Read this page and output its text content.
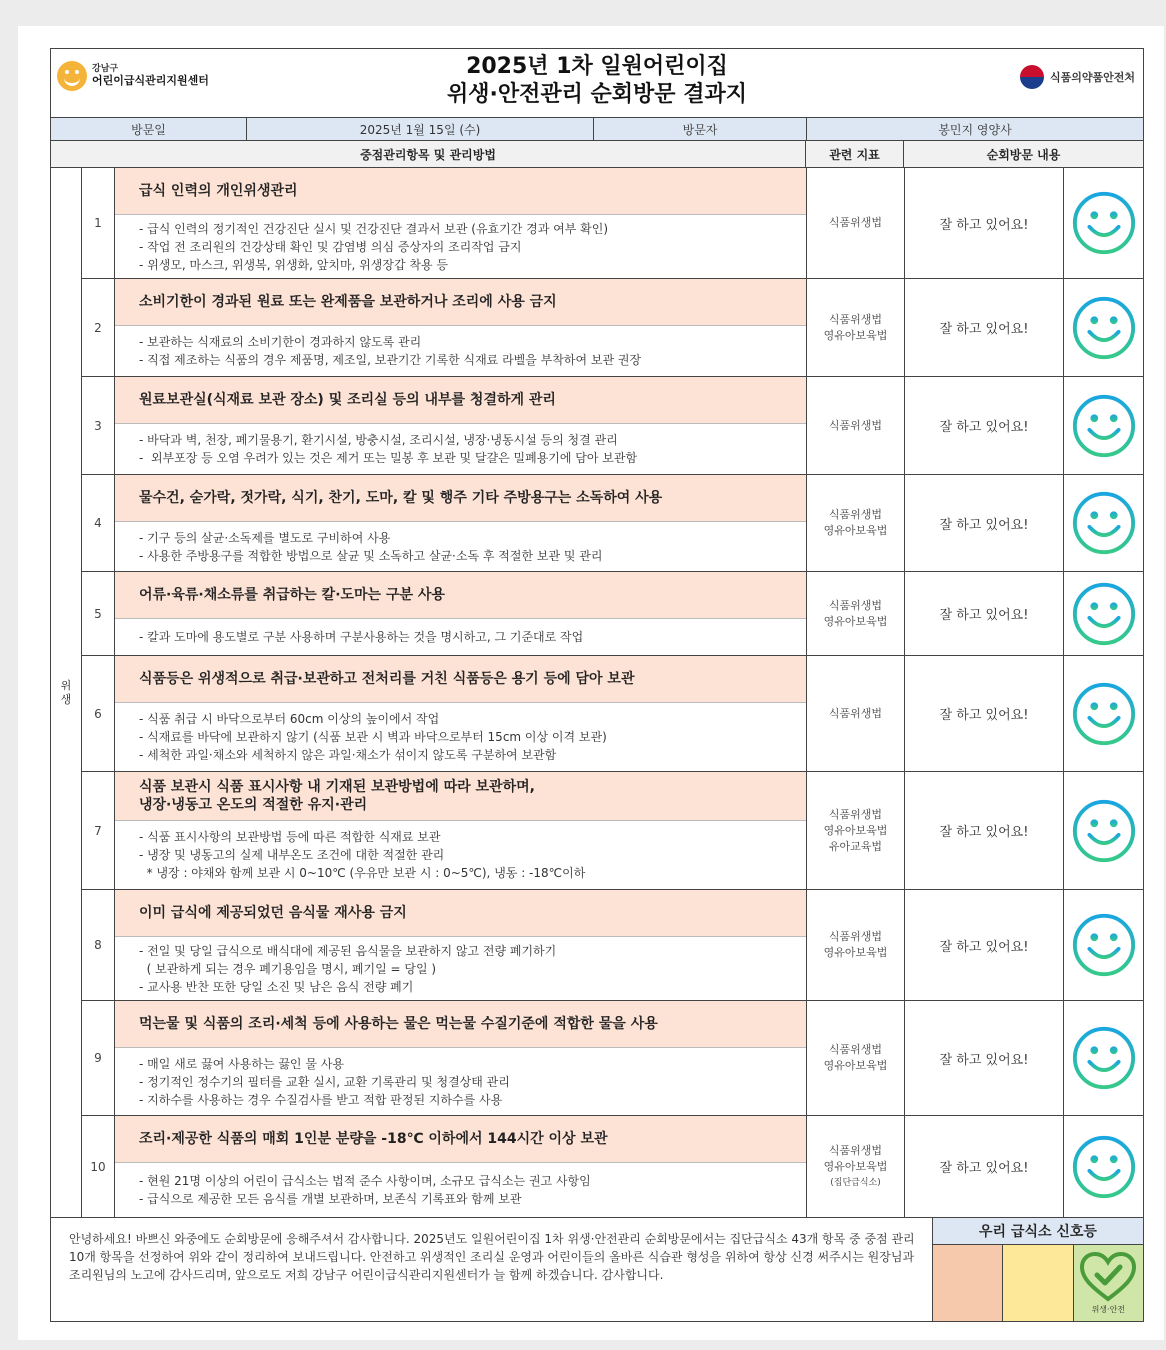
강남구
어린이급식관리지원센터
2025년 1차 일원어린이집
위생·안전관리 순회방문 결과지
식품의약품안전처
방문일	2025년 1월 15일 (수)	방문자	봉민지 영양사
중점관리항목 및 관리방법	관련 지표	순회방문 내용
위
생
1
급식 인력의 개인위생관리
- 급식 인력의 정기적인 건강진단 실시 및 건강진단 결과서 보관 (유효기간 경과 여부 확인)
- 작업 전 조리원의 건강상태 확인 및 감염병 의심 증상자의 조리작업 금지
- 위생모, 마스크, 위생복, 위생화, 앞치마, 위생장갑 착용 등
식품위생법	잘 하고 있어요!
2
소비기한이 경과된 원료 또는 완제품을 보관하거나 조리에 사용 금지
- 보관하는 식재료의 소비기한이 경과하지 않도록 관리
- 직접 제조하는 식품의 경우 제품명, 제조일, 보관기간 기록한 식재료 라벨을 부착하여 보관 권장
식품위생법
영유아보육법	잘 하고 있어요!
3
원료보관실(식재료 보관 장소) 및 조리실 등의 내부를 청결하게 관리
- 바닥과 벽, 천장, 폐기물용기, 환기시설, 방충시설, 조리시설, 냉장·냉동시설 등의 청결 관리
-  외부포장 등 오염 우려가 있는 것은 제거 또는 밀봉 후 보관 및 달걀은 밀폐용기에 담아 보관함
식품위생법	잘 하고 있어요!
4
물수건, 숟가락, 젓가락, 식기, 찬기, 도마, 칼 및 행주 기타 주방용구는 소독하여 사용
- 기구 등의 살균·소독제를 별도로 구비하여 사용
- 사용한 주방용구를 적합한 방법으로 살균 및 소독하고 살균·소독 후 적절한 보관 및 관리
식품위생법
영유아보육법	잘 하고 있어요!
5
어류·육류·채소류를 취급하는 칼·도마는 구분 사용
- 칼과 도마에 용도별로 구분 사용하며 구분사용하는 것을 명시하고, 그 기준대로 작업
식품위생법
영유아보육법	잘 하고 있어요!
6
식품등은 위생적으로 취급·보관하고 전처리를 거친 식품등은 용기 등에 담아 보관
- 식품 취급 시 바닥으로부터 60cm 이상의 높이에서 작업
- 식재료를 바닥에 보관하지 않기 (식품 보관 시 벽과 바닥으로부터 15cm 이상 이격 보관)
- 세척한 과일·채소와 세척하지 않은 과일·채소가 섞이지 않도록 구분하여 보관함
식품위생법	잘 하고 있어요!
7
식품 보관시 식품 표시사항 내 기재된 보관방법에 따라 보관하며,
냉장·냉동고 온도의 적절한 유지·관리
- 식품 표시사항의 보관방법 등에 따른 적합한 식재료 보관
- 냉장 및 냉동고의 실제 내부온도 조건에 대한 적절한 관리
* 냉장 : 야채와 함께 보관 시 0~10℃ (우유만 보관 시 : 0~5℃), 냉동 : -18℃이하
식품위생법
영유아보육법
유아교육법
잘 하고 있어요!
8
이미 급식에 제공되었던 음식물 재사용 금지
- 전일 및 당일 급식으로 배식대에 제공된 음식물을 보관하지 않고 전량 폐기하기
( 보관하게 되는 경우 폐기용임을 명시, 폐기일 = 당일 )
- 교사용 반찬 또한 당일 소진 및 남은 음식 전량 폐기
식품위생법
영유아보육법	잘 하고 있어요!
9
먹는물 및 식품의 조리·세척 등에 사용하는 물은 먹는물 수질기준에 적합한 물을 사용
- 매일 새로 끓여 사용하는 끓인 물 사용
- 정기적인 정수기의 필터를 교환 실시, 교환 기록관리 및 청결상태 관리
- 지하수를 사용하는 경우 수질검사를 받고 적합 판정된 지하수를 사용
식품위생법
영유아보육법	잘 하고 있어요!
10
조리·제공한 식품의 매회 1인분 분량을 -18℃ 이하에서 144시간 이상 보관
- 현원 21명 이상의 어린이 급식소는 법적 준수 사항이며, 소규모 급식소는 권고 사항임
- 급식으로 제공한 모든 음식를 개별 보관하며, 보존식 기록표와 함께 보관
식품위생법
영유아보육법
(집단급식소)
잘 하고 있어요!
안녕하세요! 바쁘신 와중에도 순회방문에 응해주셔서 감사합니다. 2025년도 일원어린이집 1차 위생·안전관리 순회방문에서는 집단급식소 43개 항목 중 중점 관리 10개 항목을 선정하여 위와 같이 정리하여 보내드립니다. 안전하고 위생적인 조리실 운영과 어린이들의 올바른 식습관 형성을 위하여 항상 신경 써주시는 원장님과 조리원님의 노고에 감사드리며, 앞으로도 저희 강남구 어린이급식관리지원센터가 늘 함께 하겠습니다. 감사합니다.
우리 급식소 신호등
위생·안전
